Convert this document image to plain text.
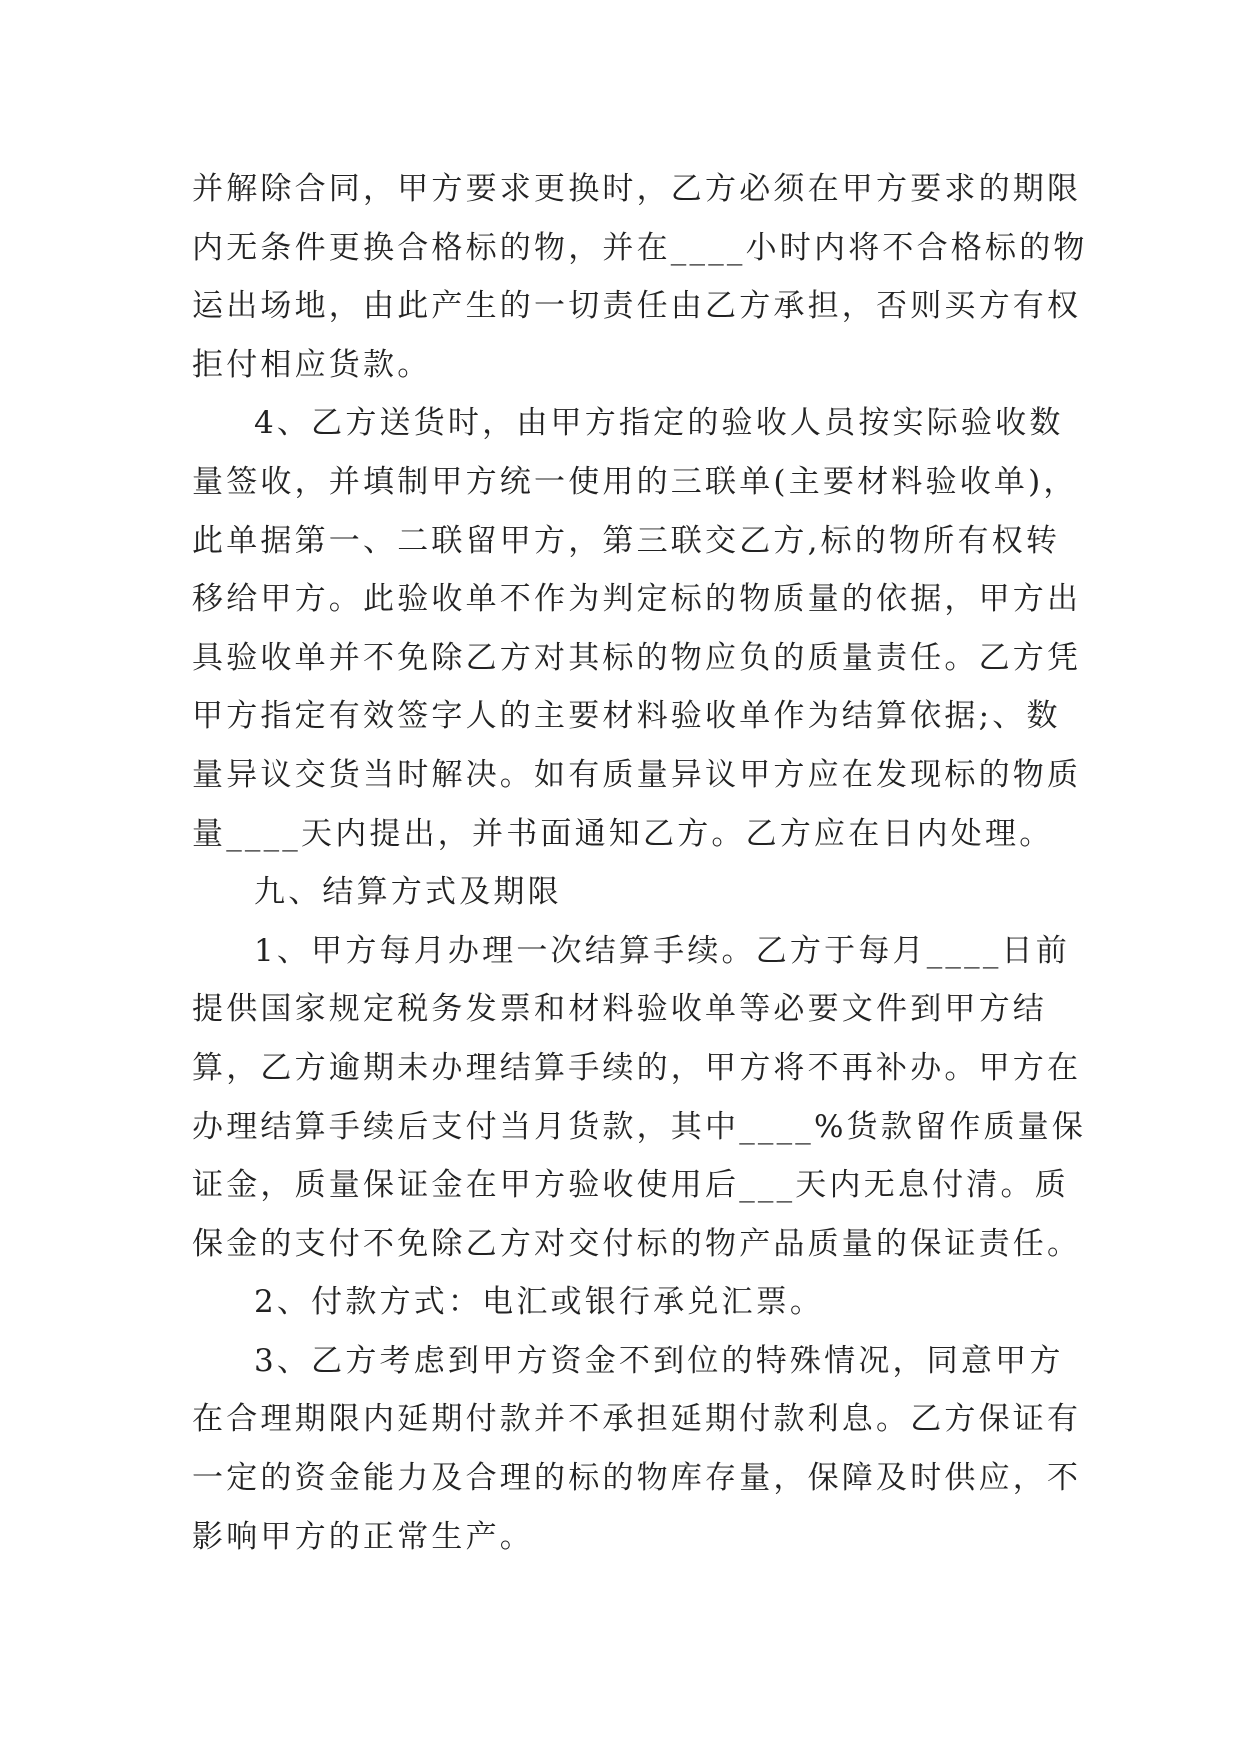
并解除合同，甲方要求更换时，乙方必须在甲方要求的期限
内无条件更换合格标的物，并在____小时内将不合格标的物
运出场地，由此产生的一切责任由乙方承担，否则买方有权
拒付相应货款。
4、乙方送货时，由甲方指定的验收人员按实际验收数
量签收，并填制甲方统一使用的三联单(主要材料验收单)，
此单据第一、二联留甲方，第三联交乙方,标的物所有权转
移给甲方。此验收单不作为判定标的物质量的依据，甲方出
具验收单并不免除乙方对其标的物应负的质量责任。乙方凭
甲方指定有效签字人的主要材料验收单作为结算依据;、数
量异议交货当时解决。如有质量异议甲方应在发现标的物质
量____天内提出，并书面通知乙方。乙方应在日内处理。
九、结算方式及期限
1、甲方每月办理一次结算手续。乙方于每月____日前
提供国家规定税务发票和材料验收单等必要文件到甲方结
算，乙方逾期未办理结算手续的，甲方将不再补办。甲方在
办理结算手续后支付当月货款，其中____%货款留作质量保
证金，质量保证金在甲方验收使用后___天内无息付清。质
保金的支付不免除乙方对交付标的物产品质量的保证责任。
2、付款方式：电汇或银行承兑汇票。
3、乙方考虑到甲方资金不到位的特殊情况，同意甲方
在合理期限内延期付款并不承担延期付款利息。乙方保证有
一定的资金能力及合理的标的物库存量，保障及时供应，不
影响甲方的正常生产。
